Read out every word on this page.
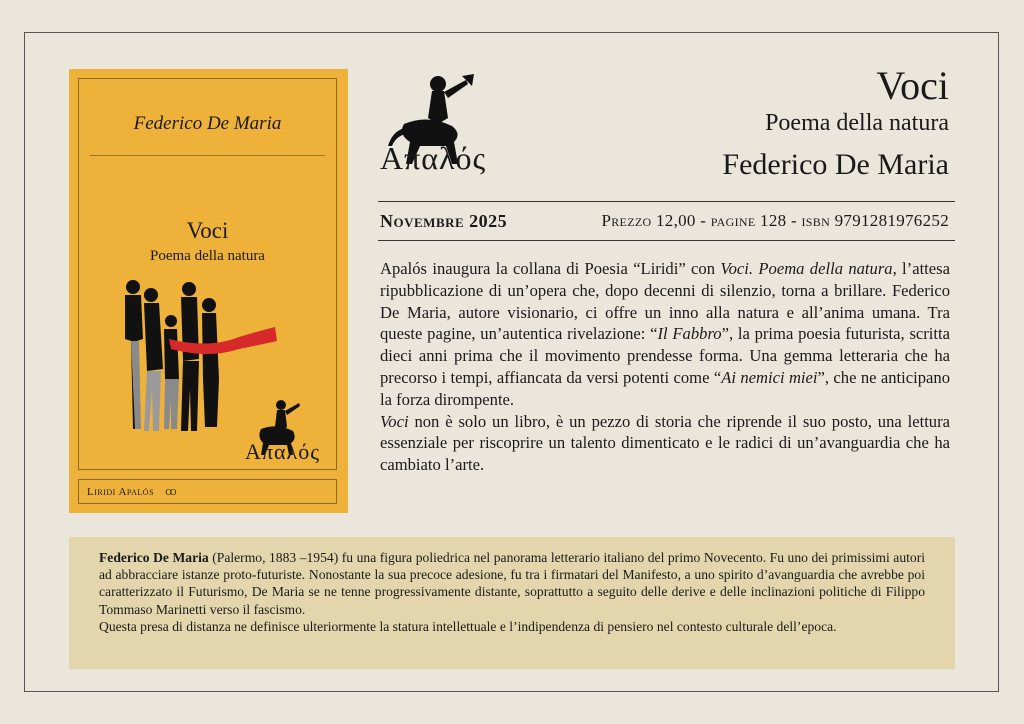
Federico De Maria
Voci
Poema della natura
Απαλός
Liridi Apalós ꝏ
Απαλός
Voci
Poema della natura
Federico De Maria
Novembre 2025	Prezzo 12,00 - pagine 128 - isbn 9791281976252

Apalós inaugura la collana di Poesia “Liridi” con Voci. Poema della natura, l’attesa ripubblicazione di un’opera che, dopo decenni di silenzio, torna a brillare. Federico De Maria, autore visionario, ci offre un inno alla natura e all’anima umana. Tra queste pagine, un’autentica rivelazione: “Il Fabbro”, la prima poesia futurista, scritta dieci anni prima che il movimento prendesse forma. Una gemma letteraria che ha precorso i tempi, affiancata da versi potenti come “Ai nemici miei”, che ne anticipano la forza dirompente.

Voci non è solo un libro, è un pezzo di storia che riprende il suo posto, una lettura essenziale per riscoprire un talento dimenticato e le radici di un’avanguardia che ha cambiato l’arte.

Federico De Maria (Palermo, 1883 –1954) fu una figura poliedrica nel panorama letterario italiano del primo Novecento. Fu uno dei primissimi autori ad abbracciare istanze proto-futuriste. Nonostante la sua precoce adesione, fu tra i firmatari del Manifesto, a uno spirito d’avanguardia che avrebbe poi caratterizzato il Futurismo, De Maria se ne tenne progressivamente distante, soprattutto a seguito delle derive e delle inclinazioni politiche di Filippo Tommaso Marinetti verso il fascismo.

Questa presa di distanza ne definisce ulteriormente la statura intellettuale e l’indipendenza di pensiero nel contesto culturale dell’epoca.
